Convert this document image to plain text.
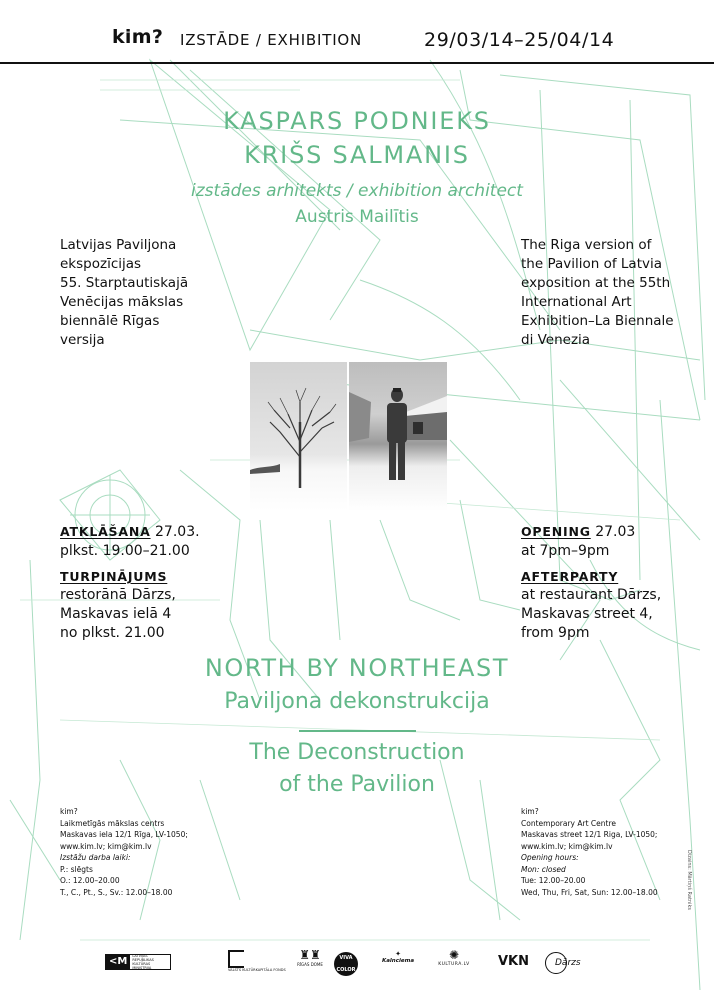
kim? IZSTĀDE / EXHIBITION	29/03/14–25/04/14
KASPARS PODNIEKS
KRIŠS SALMANIS
izstādes arhitekts / exhibition architect
Austris Mailītis
Latvijas Paviljona
ekspozīcijas
55. Starptautiskajā
Venēcijas mākslas
biennālē Rīgas
versija
The Riga version of
the Pavilion of Latvia
exposition at the 55th
International Art
Exhibition–La Biennale
di Venezia
ATKLĀŠANA 27.03.
plkst. 19.00–21.00
TURPINĀJUMS
restorānā Dārzs,
Maskavas ielā 4
no plkst. 21.00
OPENING 27.03
at 7pm–9pm
AFTERPARTY
at restaurant Dārzs,
Maskavas street 4,
from 9pm
NORTH BY NORTHEAST
Paviljona dekonstrukcija
The Deconstruction
of the Pavilion
kim?
Laikmetīgās mākslas centrs
Maskavas iela 12/1 Rīga, LV-1050;
www.kim.lv; kim@kim.lv
Izstāžu darba laiki:
P.: slēgts
O.: 12.00–20.00
T., C., Pt., S., Sv.: 12.00–18.00
kim?
Contemporary Art Centre
Maskavas street 12/1 Riga, LV-1050;
www.kim.lv; kim@kim.lv
Opening hours:
Mon: closed
Tue: 12.00–20.00
Wed, Thu, Fri, Sat, Sun: 12.00–18.00	Dizains: Mārtiņš Ratniks
<M	LATVIJAS REPUBLIKAS KULTŪRAS MINISTRIJA	VALSTS KULTŪRKAPITĀLA FONDS
♜♜
RĪGAS DOME
VIVA COLOR
✦
Kalnciema	✺
KULTURA.LV	VKN	Dārzs
